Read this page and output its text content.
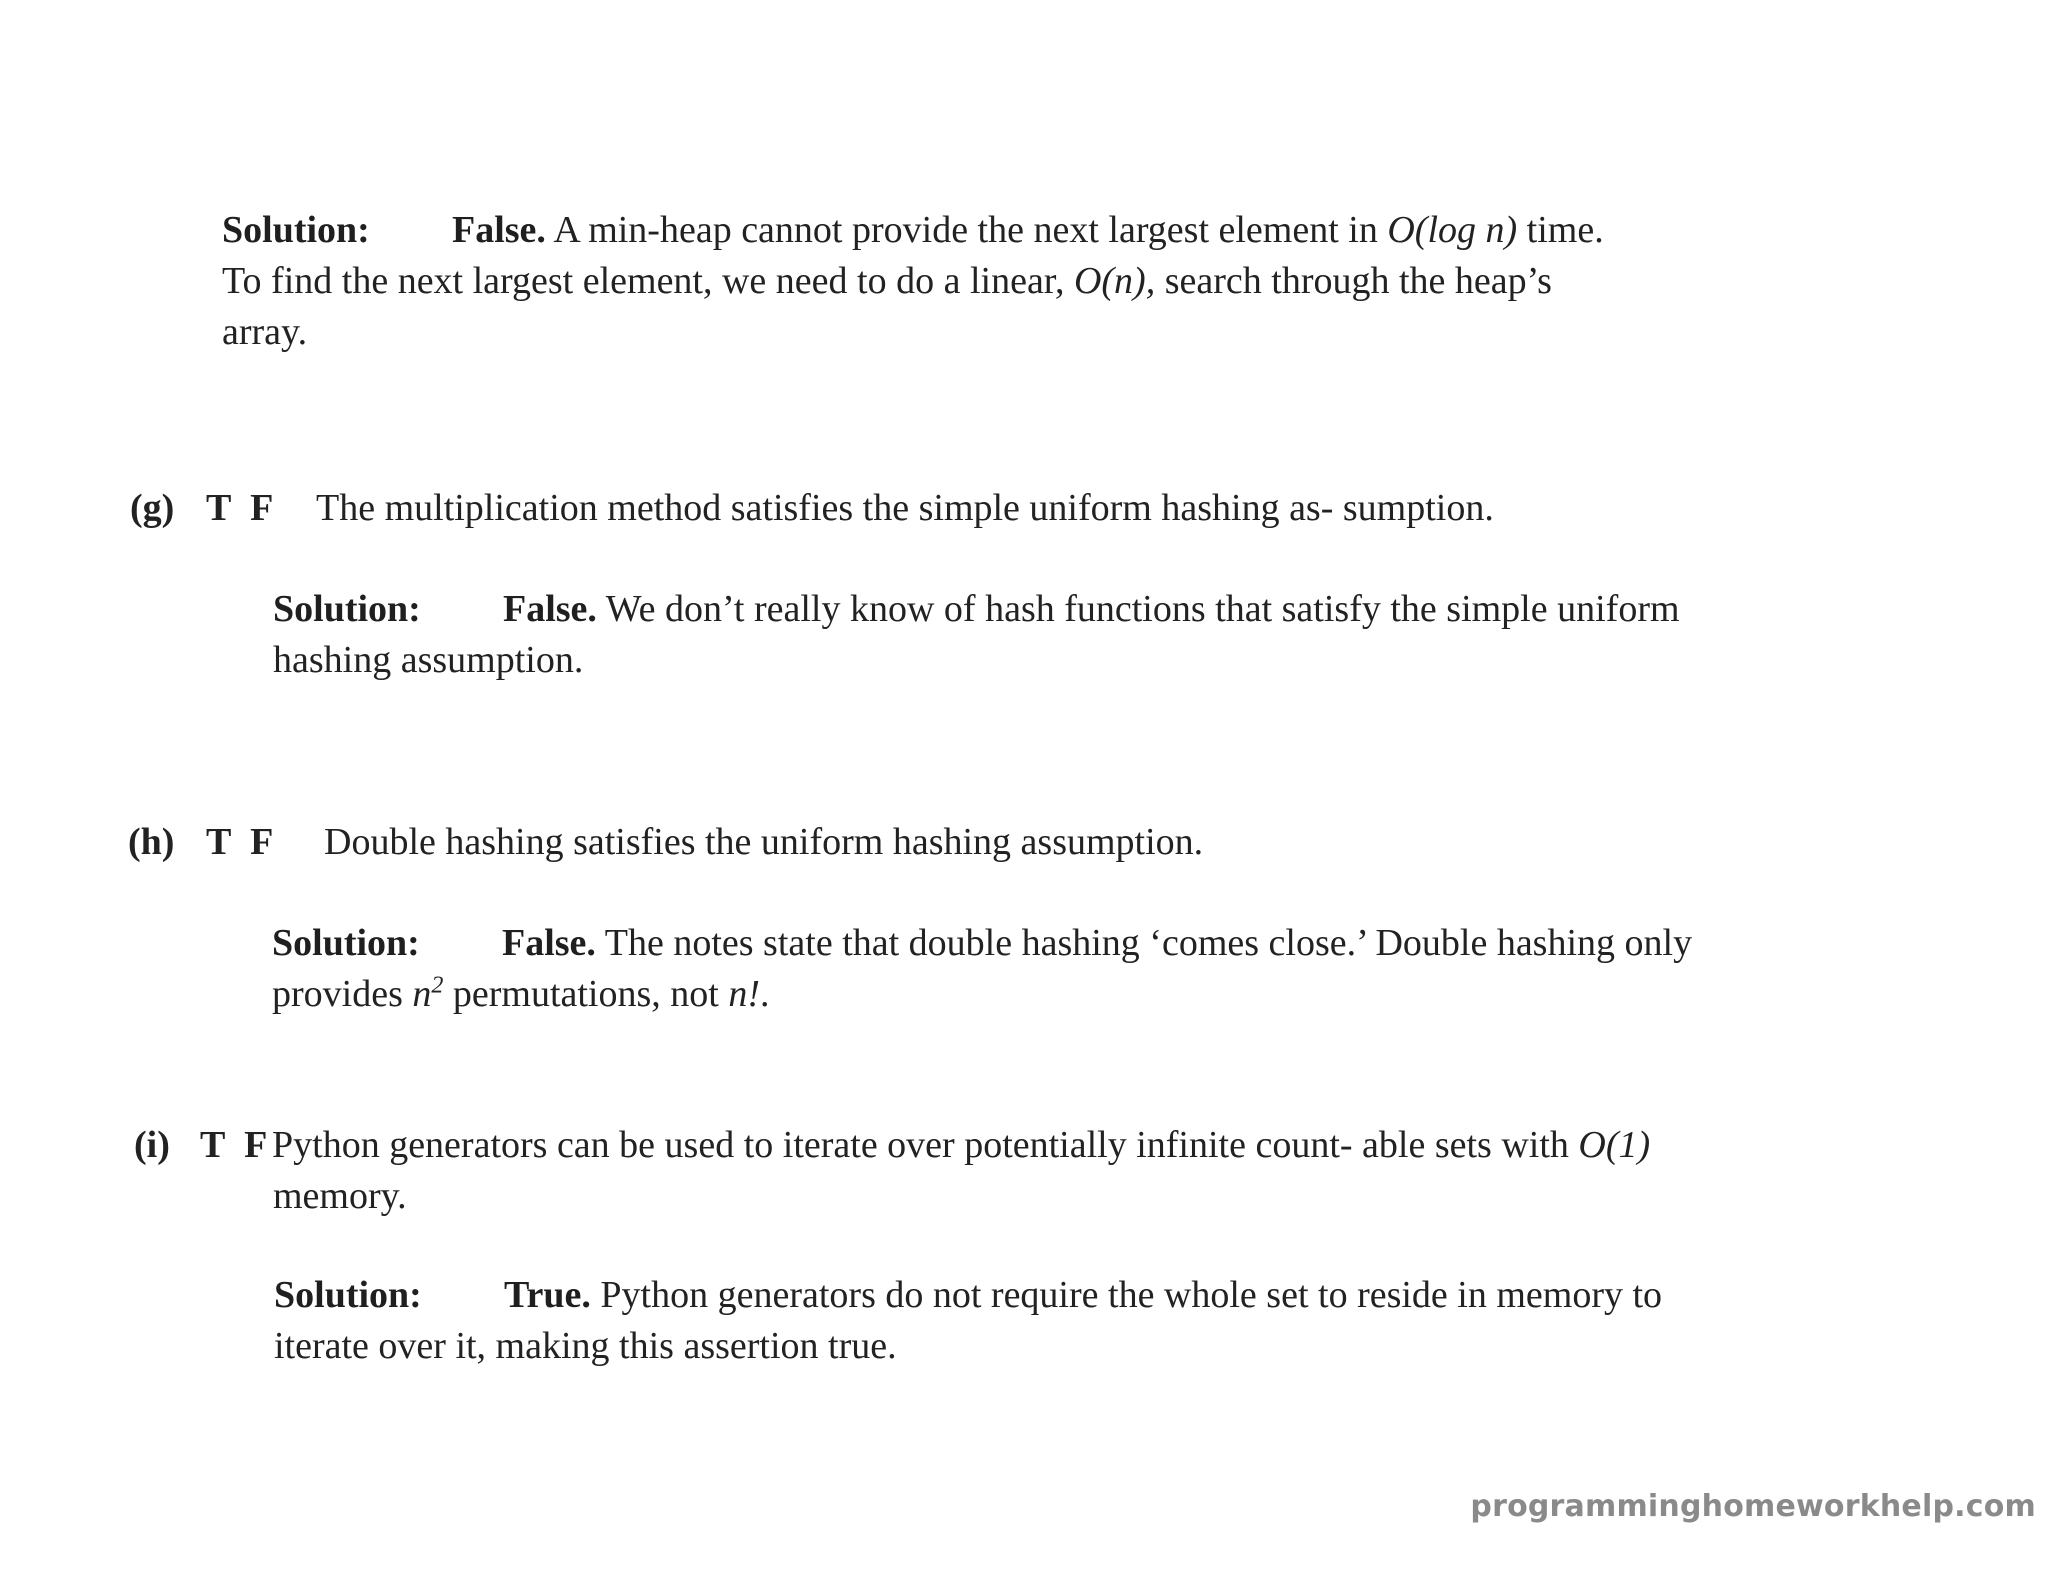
Solution: False. A min-heap cannot provide the next largest element in O(log n) time.
To find the next largest element, we need to do a linear, O(n), search through the heap’s
array.
(g) T F The multiplication method satisfies the simple uniform hashing as- sumption.
Solution: False. We don’t really know of hash functions that satisfy the simple uniform
hashing assumption.
(h) T F Double hashing satisfies the uniform hashing assumption.
Solution: False. The notes state that double hashing ‘comes close.’ Double hashing only
provides $n^2$ permutations, not n!.
(i) T F Python generators can be used to iterate over potentially infinite count- able sets with O(1)
memory.
Solution: True. Python generators do not require the whole set to reside in memory to
iterate over it, making this assertion true.
programminghomeworkhelp.com
